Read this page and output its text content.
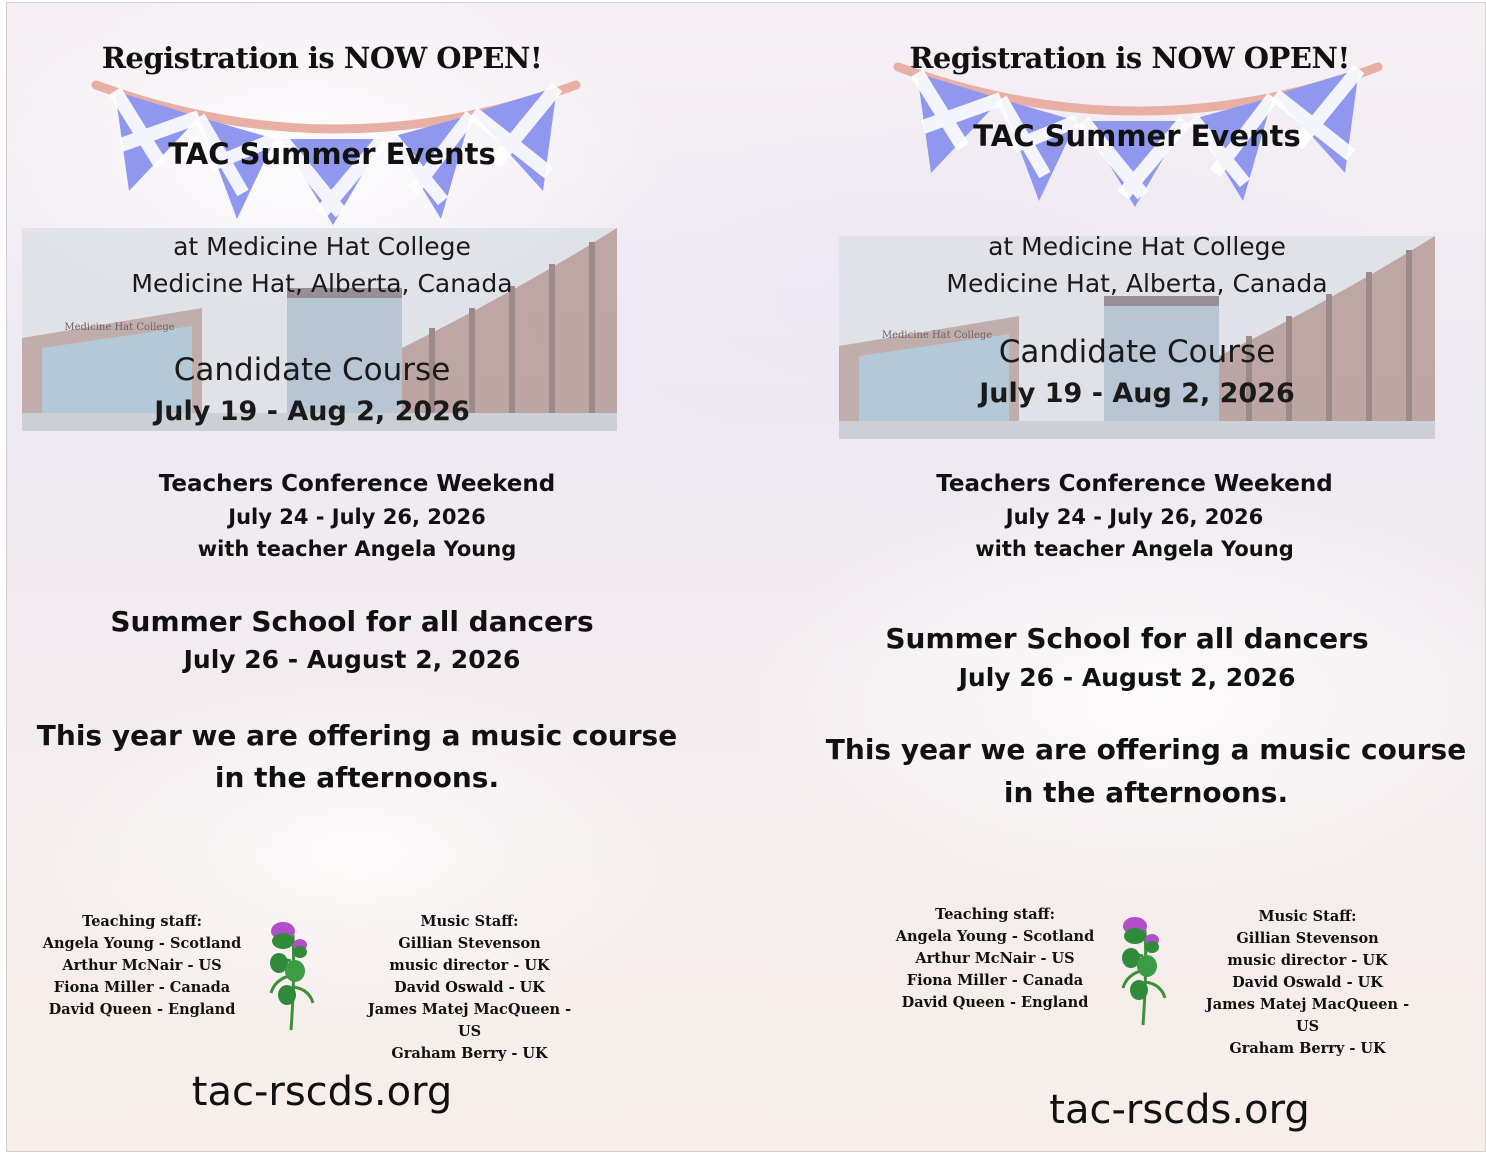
Registration is NOW OPEN!
TAC Summer Events
Medicine Hat College
at Medicine Hat College
Medicine Hat, Alberta, Canada
Candidate Course
July 19 - Aug 2, 2026
Teachers Conference Weekend
July 24 - July 26, 2026
with teacher Angela Young
Summer School for all dancers
July 26 - August 2, 2026
This year we are offering a music course
in the afternoons.
Teaching staff:
Angela Young - Scotland
Arthur McNair - US
Fiona Miller - Canada
David Queen - England
Music Staff:
Gillian Stevenson
music director - UK
David Oswald - UK
James Matej MacQueen - US
Graham Berry - UK
tac-rscds.org
Registration is NOW OPEN!
TAC Summer Events
Medicine Hat College
at Medicine Hat College
Medicine Hat, Alberta, Canada
Candidate Course
July 19 - Aug 2, 2026
Teachers Conference Weekend
July 24 - July 26, 2026
with teacher Angela Young
Summer School for all dancers
July 26 - August 2, 2026
This year we are offering a music course
in the afternoons.
Teaching staff:
Angela Young - Scotland
Arthur McNair - US
Fiona Miller - Canada
David Queen - England
Music Staff:
Gillian Stevenson
music director - UK
David Oswald - UK
James Matej MacQueen - US
Graham Berry - UK
tac-rscds.org
